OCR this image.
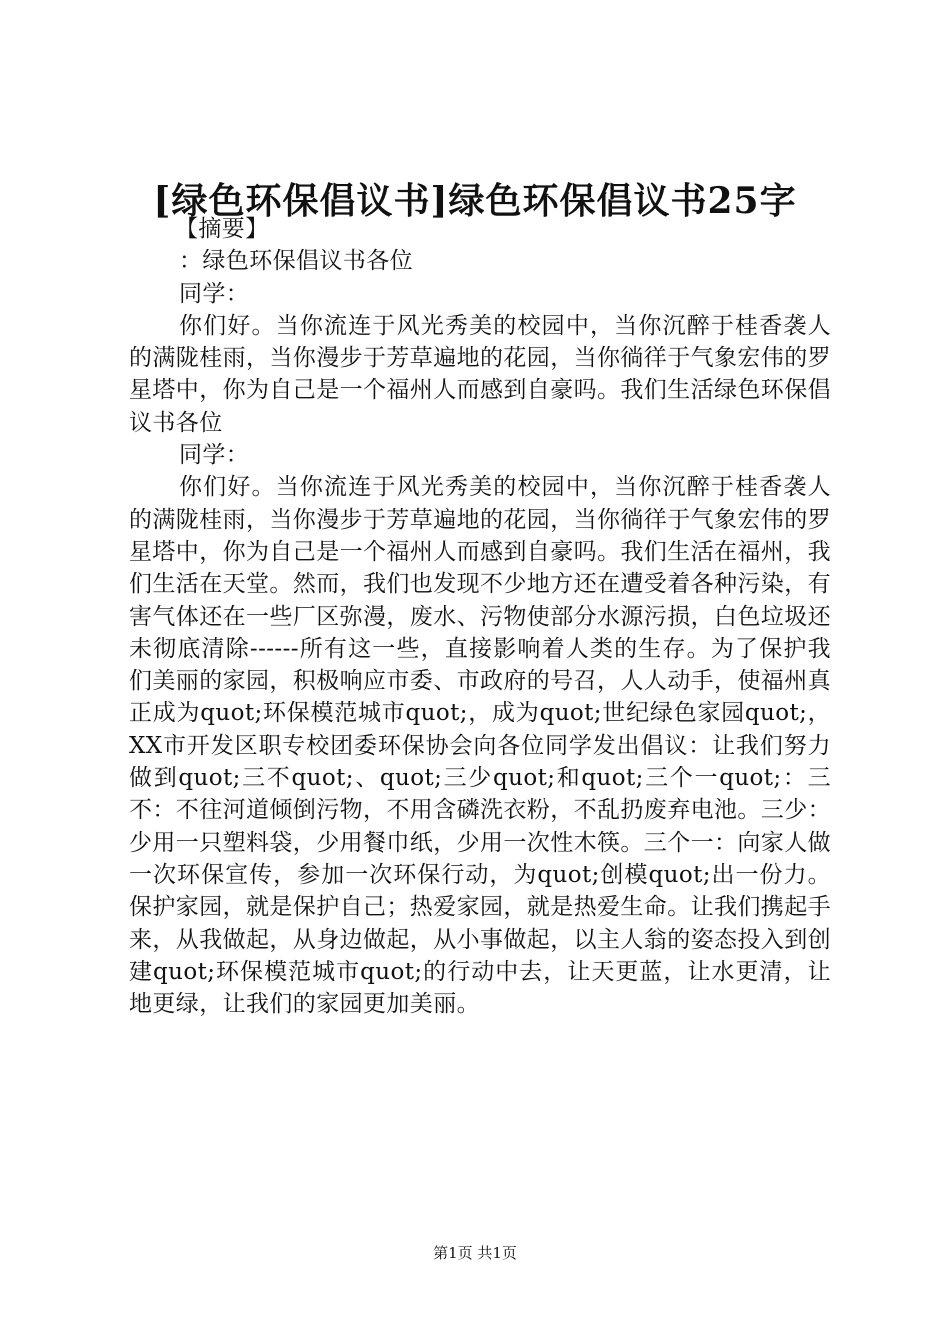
[绿色环保倡议书]绿色环保倡议书25字

【摘要】

：绿色环保倡议书各位

同学：

你们好。当你流连于风光秀美的校园中，当你沉醉于桂香袭人的满陇桂雨，当你漫步于芳草遍地的花园，当你徜徉于气象宏伟的罗星塔中，你为自己是一个福州人而感到自豪吗。我们生活绿色环保倡议书各位

同学：

你们好。当你流连于风光秀美的校园中，当你沉醉于桂香袭人的满陇桂雨，当你漫步于芳草遍地的花园，当你徜徉于气象宏伟的罗星塔中，你为自己是一个福州人而感到自豪吗。我们生活在福州，我们生活在天堂。然而，我们也发现不少地方还在遭受着各种污染，有害气体还在一些厂区弥漫，废水、污物使部分水源污损，白色垃圾还未彻底清除------所有这一些，直接影响着人类的生存。为了保护我们美丽的家园，积极响应市委、市政府的号召，人人动手，使福州真正成为quot;环保模范城市quot;，成为quot;世纪绿色家园quot;，XX市开发区职专校团委环保协会向各位同学发出倡议：让我们努力做到quot;三不quot;、quot;三少quot;和quot;三个一quot;：三不：不往河道倾倒污物，不用含磷洗衣粉，不乱扔废弃电池。三少：少用一只塑料袋，少用餐巾纸，少用一次性木筷。三个一：向家人做一次环保宣传，参加一次环保行动，为quot;创模quot;出一份力。保护家园，就是保护自己；热爱家园，就是热爱生命。让我们携起手来，从我做起，从身边做起，从小事做起，以主人翁的姿态投入到创建quot;环保模范城市quot;的行动中去，让天更蓝，让水更清，让地更绿，让我们的家园更加美丽。

第1页 共1页
